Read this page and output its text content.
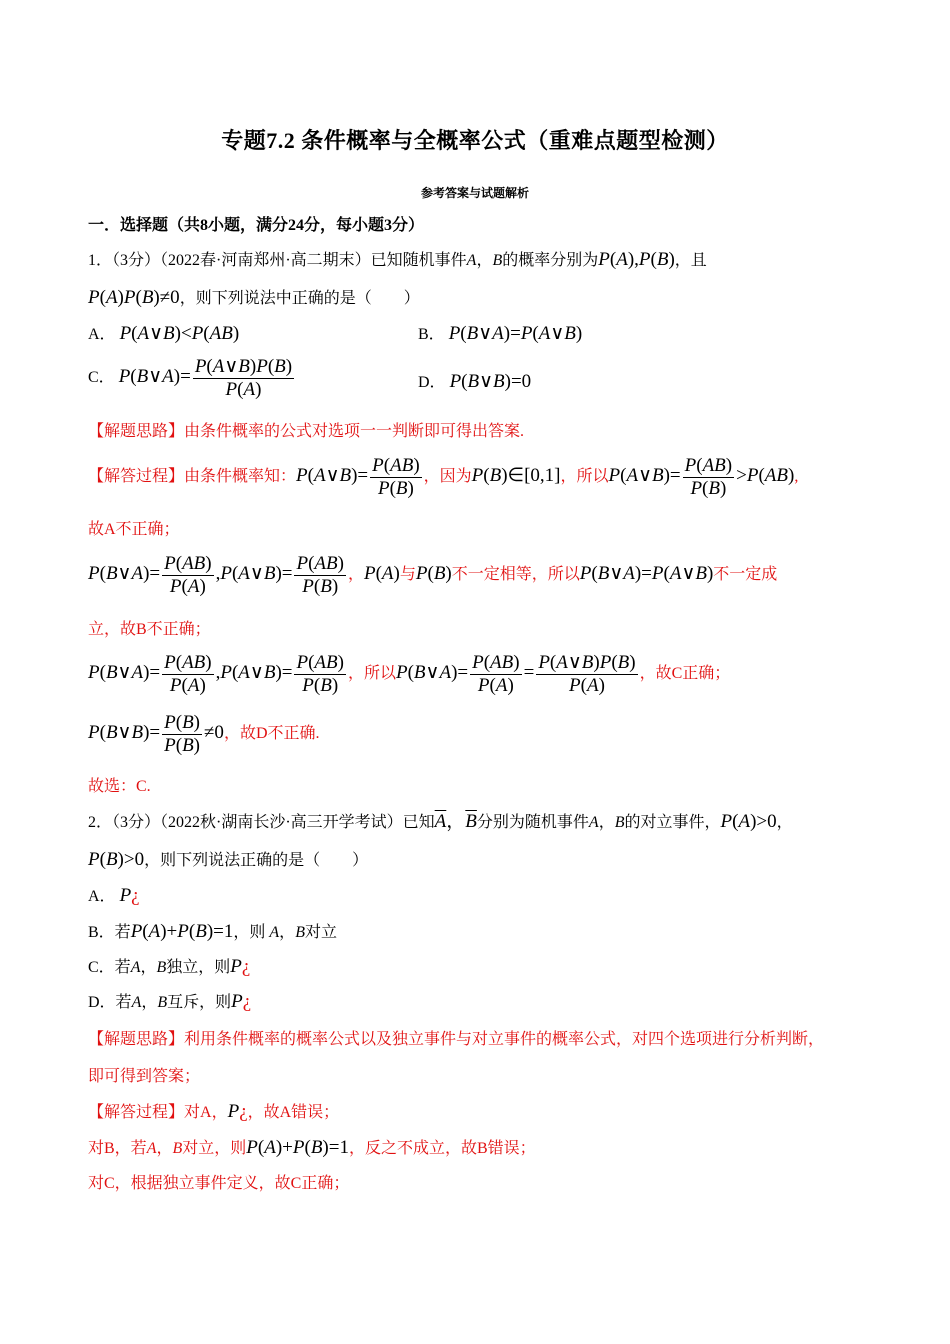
专题7.2 条件概率与全概率公式（重难点题型检测）
参考答案与试题解析
一．选择题（共8小题，满分24分，每小题3分）
1．（3分）（2022春·河南郑州·高二期末）已知随机事件A，B的概率分别为P(A),P(B)，且
P(A)P(B)≠0，则下列说法中正确的是（　　）
A． P(A∨B)<P(AB)	B． P(B∨A)=P(A∨B)
C． P(B∨A)= $\frac{P(A\vee B)P(B)}{P(A)}$	D． P(B∨B)=0
【解题思路】由条件概率的公式对选项一一判断即可得出答案.
【解答过程】由条件概率知：P(A∨B)= $\frac{P(AB)}{P(B)}$ ，因为P(B)∈[0,1]，所以P(A∨B)= $\frac{P(AB)}{P(B)} >P(AB)$,
故A不正确；
P(B∨A)= $\frac{P(AB)}{P(A)}$ ,P(A∨B)= $\frac{P(AB)}{P(B)}$ ，P(A)与P(B)不一定相等，所以P(B∨A)=P(A∨B)不一定成
立，故B不正确；
P(B∨A)= $\frac{P(AB)}{P(A)}$ ,P(A∨B)= $\frac{P(AB)}{P(B)}$ ，所以P(B∨A)= $\frac{P(AB)}{P(A)} = \frac{P(A\vee B)P(B)}{P(A)}$ ，故C正确；
P(B∨B)= $\frac{P(B)}{P(B)} \ne 0$，故D不正确.
故选：C.
2．（3分）（2022秋·湖南长沙·高三开学考试）已知$\overline{A}$，$\overline{B}$分别为随机事件A，B的对立事件，P(A)>0，
P(B)>0，则下列说法正确的是（　　）
A． P¿
B．若P(A)+P(B)=1，则 A，B对立
C．若A，B独立，则P¿
D．若A，B互斥，则P¿
【解题思路】利用条件概率的概率公式以及独立事件与对立事件的概率公式，对四个选项进行分析判断，
即可得到答案；
【解答过程】对A，P¿，故A错误；
对B，若A，B对立，则P(A)+P(B)=1，反之不成立，故B错误；
对C，根据独立事件定义，故C正确；
